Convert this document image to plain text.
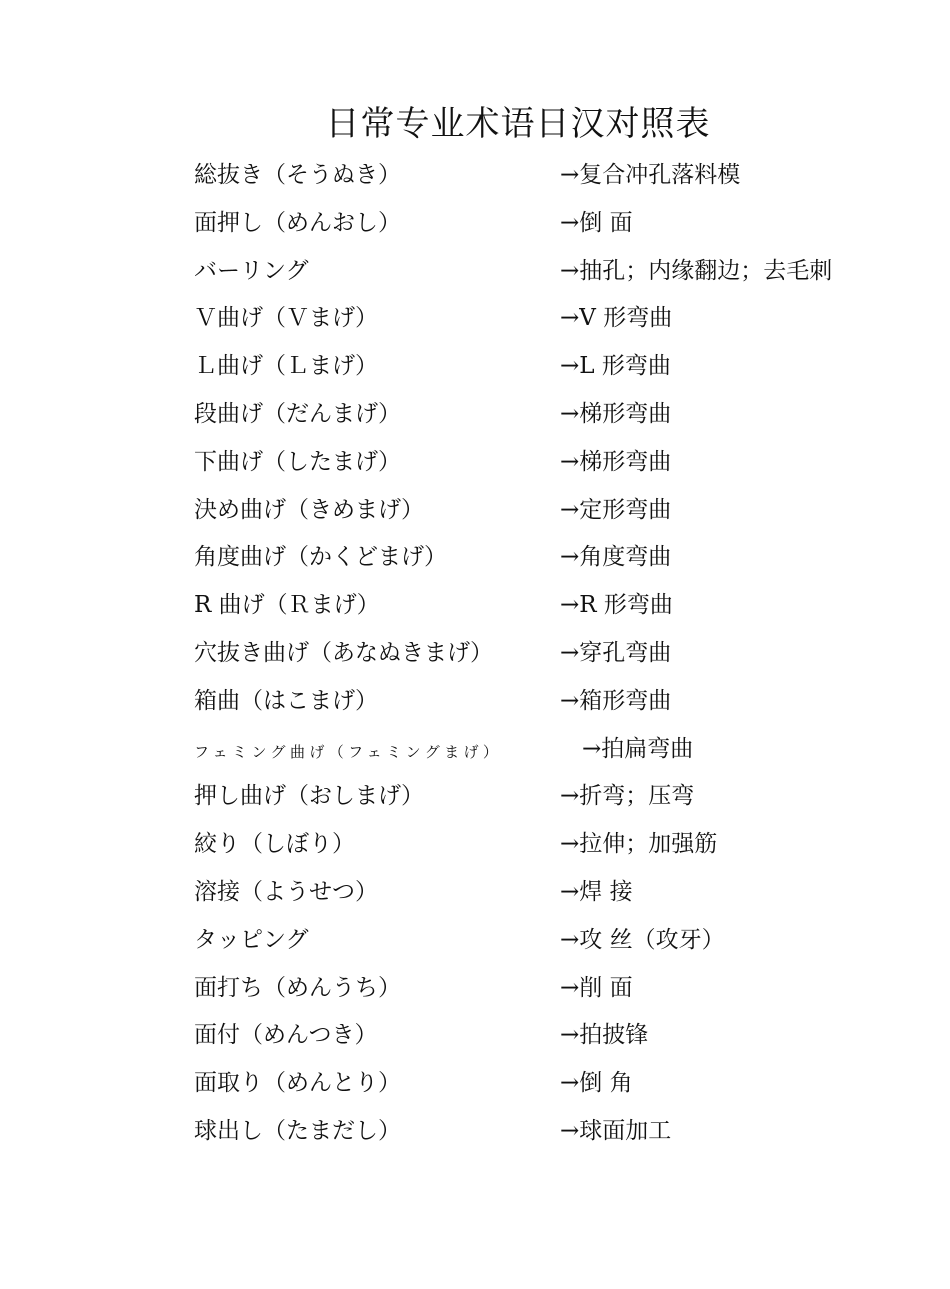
日常专业术语日汉对照表
総抜き（そうぬき）	→复合冲孔落料模
面押し（めんおし）	→倒 面
バーリング	→抽孔；内缘翻边；去毛刺
Ｖ曲げ（Ｖまげ）	→V 形弯曲
Ｌ曲げ（Ｌまげ）	→L 形弯曲
段曲げ（だんまげ）	→梯形弯曲
下曲げ（したまげ）	→梯形弯曲
決め曲げ（きめまげ）	→定形弯曲
角度曲げ（かくどまげ）	→角度弯曲
R 曲げ（Ｒまげ）	→R 形弯曲
穴抜き曲げ（あなぬきまげ）	→穿孔弯曲
箱曲（はこまげ）	→箱形弯曲
フェミング曲げ（フェミングまげ）	→拍扁弯曲
押し曲げ（おしまげ）	→折弯；压弯
絞り（しぼり）	→拉伸；加强筋
溶接（ようせつ）	→焊 接
タッピング	→攻 丝（攻牙）
面打ち（めんうち）	→削 面
面付（めんつき）	→拍披锋
面取り（めんとり）	→倒 角
球出し（たまだし）	→球面加工
